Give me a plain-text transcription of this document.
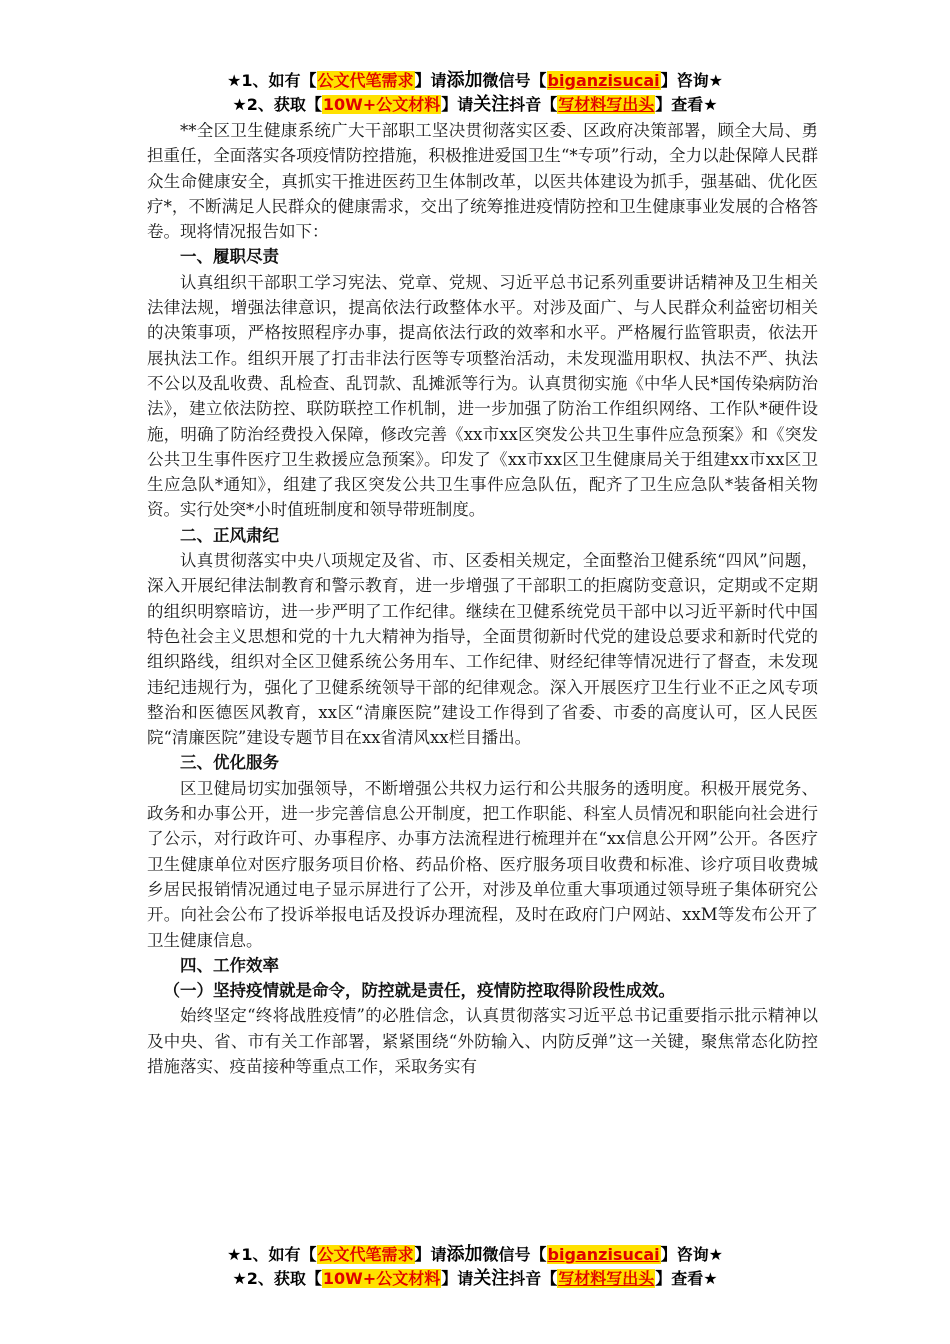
★1、如有【公文代笔需求】请添加微信号【biganzisucai】咨询★
★2、获取【10W+公文材料】请关注抖音【写材料写出头】查看★

**全区卫生健康系统广大干部职工坚决贯彻落实区委、区政府决策部署，顾全大局、勇担重任，全面落实各项疫情防控措施，积极推进爱国卫生“*专项”行动，全力以赴保障人民群众生命健康安全，真抓实干推进医药卫生体制改革，以医共体建设为抓手，强基础、优化医疗*，不断满足人民群众的健康需求，交出了统筹推进疫情防控和卫生健康事业发展的合格答卷。现将情况报告如下：

一、履职尽责

认真组织干部职工学习宪法、党章、党规、习近平总书记系列重要讲话精神及卫生相关法律法规，增强法律意识，提高依法行政整体水平。对涉及面广、与人民群众利益密切相关的决策事项，严格按照程序办事，提高依法行政的效率和水平。严格履行监管职责，依法开展执法工作。组织开展了打击非法行医等专项整治活动，未发现滥用职权、执法不严、执法不公以及乱收费、乱检查、乱罚款、乱摊派等行为。认真贯彻实施《中华人民*国传染病防治法》，建立依法防控、联防联控工作机制，进一步加强了防治工作组织网络、工作队*硬件设施，明确了防治经费投入保障，修改完善《xx市xx区突发公共卫生事件应急预案》和《突发公共卫生事件医疗卫生救援应急预案》。印发了《xx市xx区卫生健康局关于组建xx市xx区卫生应急队*通知》，组建了我区突发公共卫生事件应急队伍，配齐了卫生应急队*装备相关物资。实行处突*小时值班制度和领导带班制度。

二、正风肃纪

认真贯彻落实中央八项规定及省、市、区委相关规定，全面整治卫健系统“四风”问题，深入开展纪律法制教育和警示教育，进一步增强了干部职工的拒腐防变意识，定期或不定期的组织明察暗访，进一步严明了工作纪律。继续在卫健系统党员干部中以习近平新时代中国特色社会主义思想和党的十九大精神为指导，全面贯彻新时代党的建设总要求和新时代党的组织路线，组织对全区卫健系统公务用车、工作纪律、财经纪律等情况进行了督查，未发现违纪违规行为，强化了卫健系统领导干部的纪律观念。深入开展医疗卫生行业不正之风专项整治和医德医风教育，xx区“清廉医院”建设工作得到了省委、市委的高度认可，区人民医院“清廉医院”建设专题节目在xx省清风xx栏目播出。

三、优化服务

区卫健局切实加强领导，不断增强公共权力运行和公共服务的透明度。积极开展党务、政务和办事公开，进一步完善信息公开制度，把工作职能、科室人员情况和职能向社会进行了公示，对行政许可、办事程序、办事方法流程进行梳理并在“xx信息公开网”公开。各医疗卫生健康单位对医疗服务项目价格、药品价格、医疗服务项目收费和标准、诊疗项目收费城乡居民报销情况通过电子显示屏进行了公开，对涉及单位重大事项通过领导班子集体研究公开。向社会公布了投诉举报电话及投诉办理流程，及时在政府门户网站、xxM等发布公开了卫生健康信息。

四、工作效率
（一）坚持疫情就是命令，防控就是责任，疫情防控取得阶段性成效。

始终坚定“终将战胜疫情”的必胜信念，认真贯彻落实习近平总书记重要指示批示精神以及中央、省、市有关工作部署，紧紧围绕“外防输入、内防反弹”这一关键，聚焦常态化防控措施落实、疫苗接种等重点工作，采取务实有

★1、如有【公文代笔需求】请添加微信号【biganzisucai】咨询★
★2、获取【10W+公文材料】请关注抖音【写材料写出头】查看★
